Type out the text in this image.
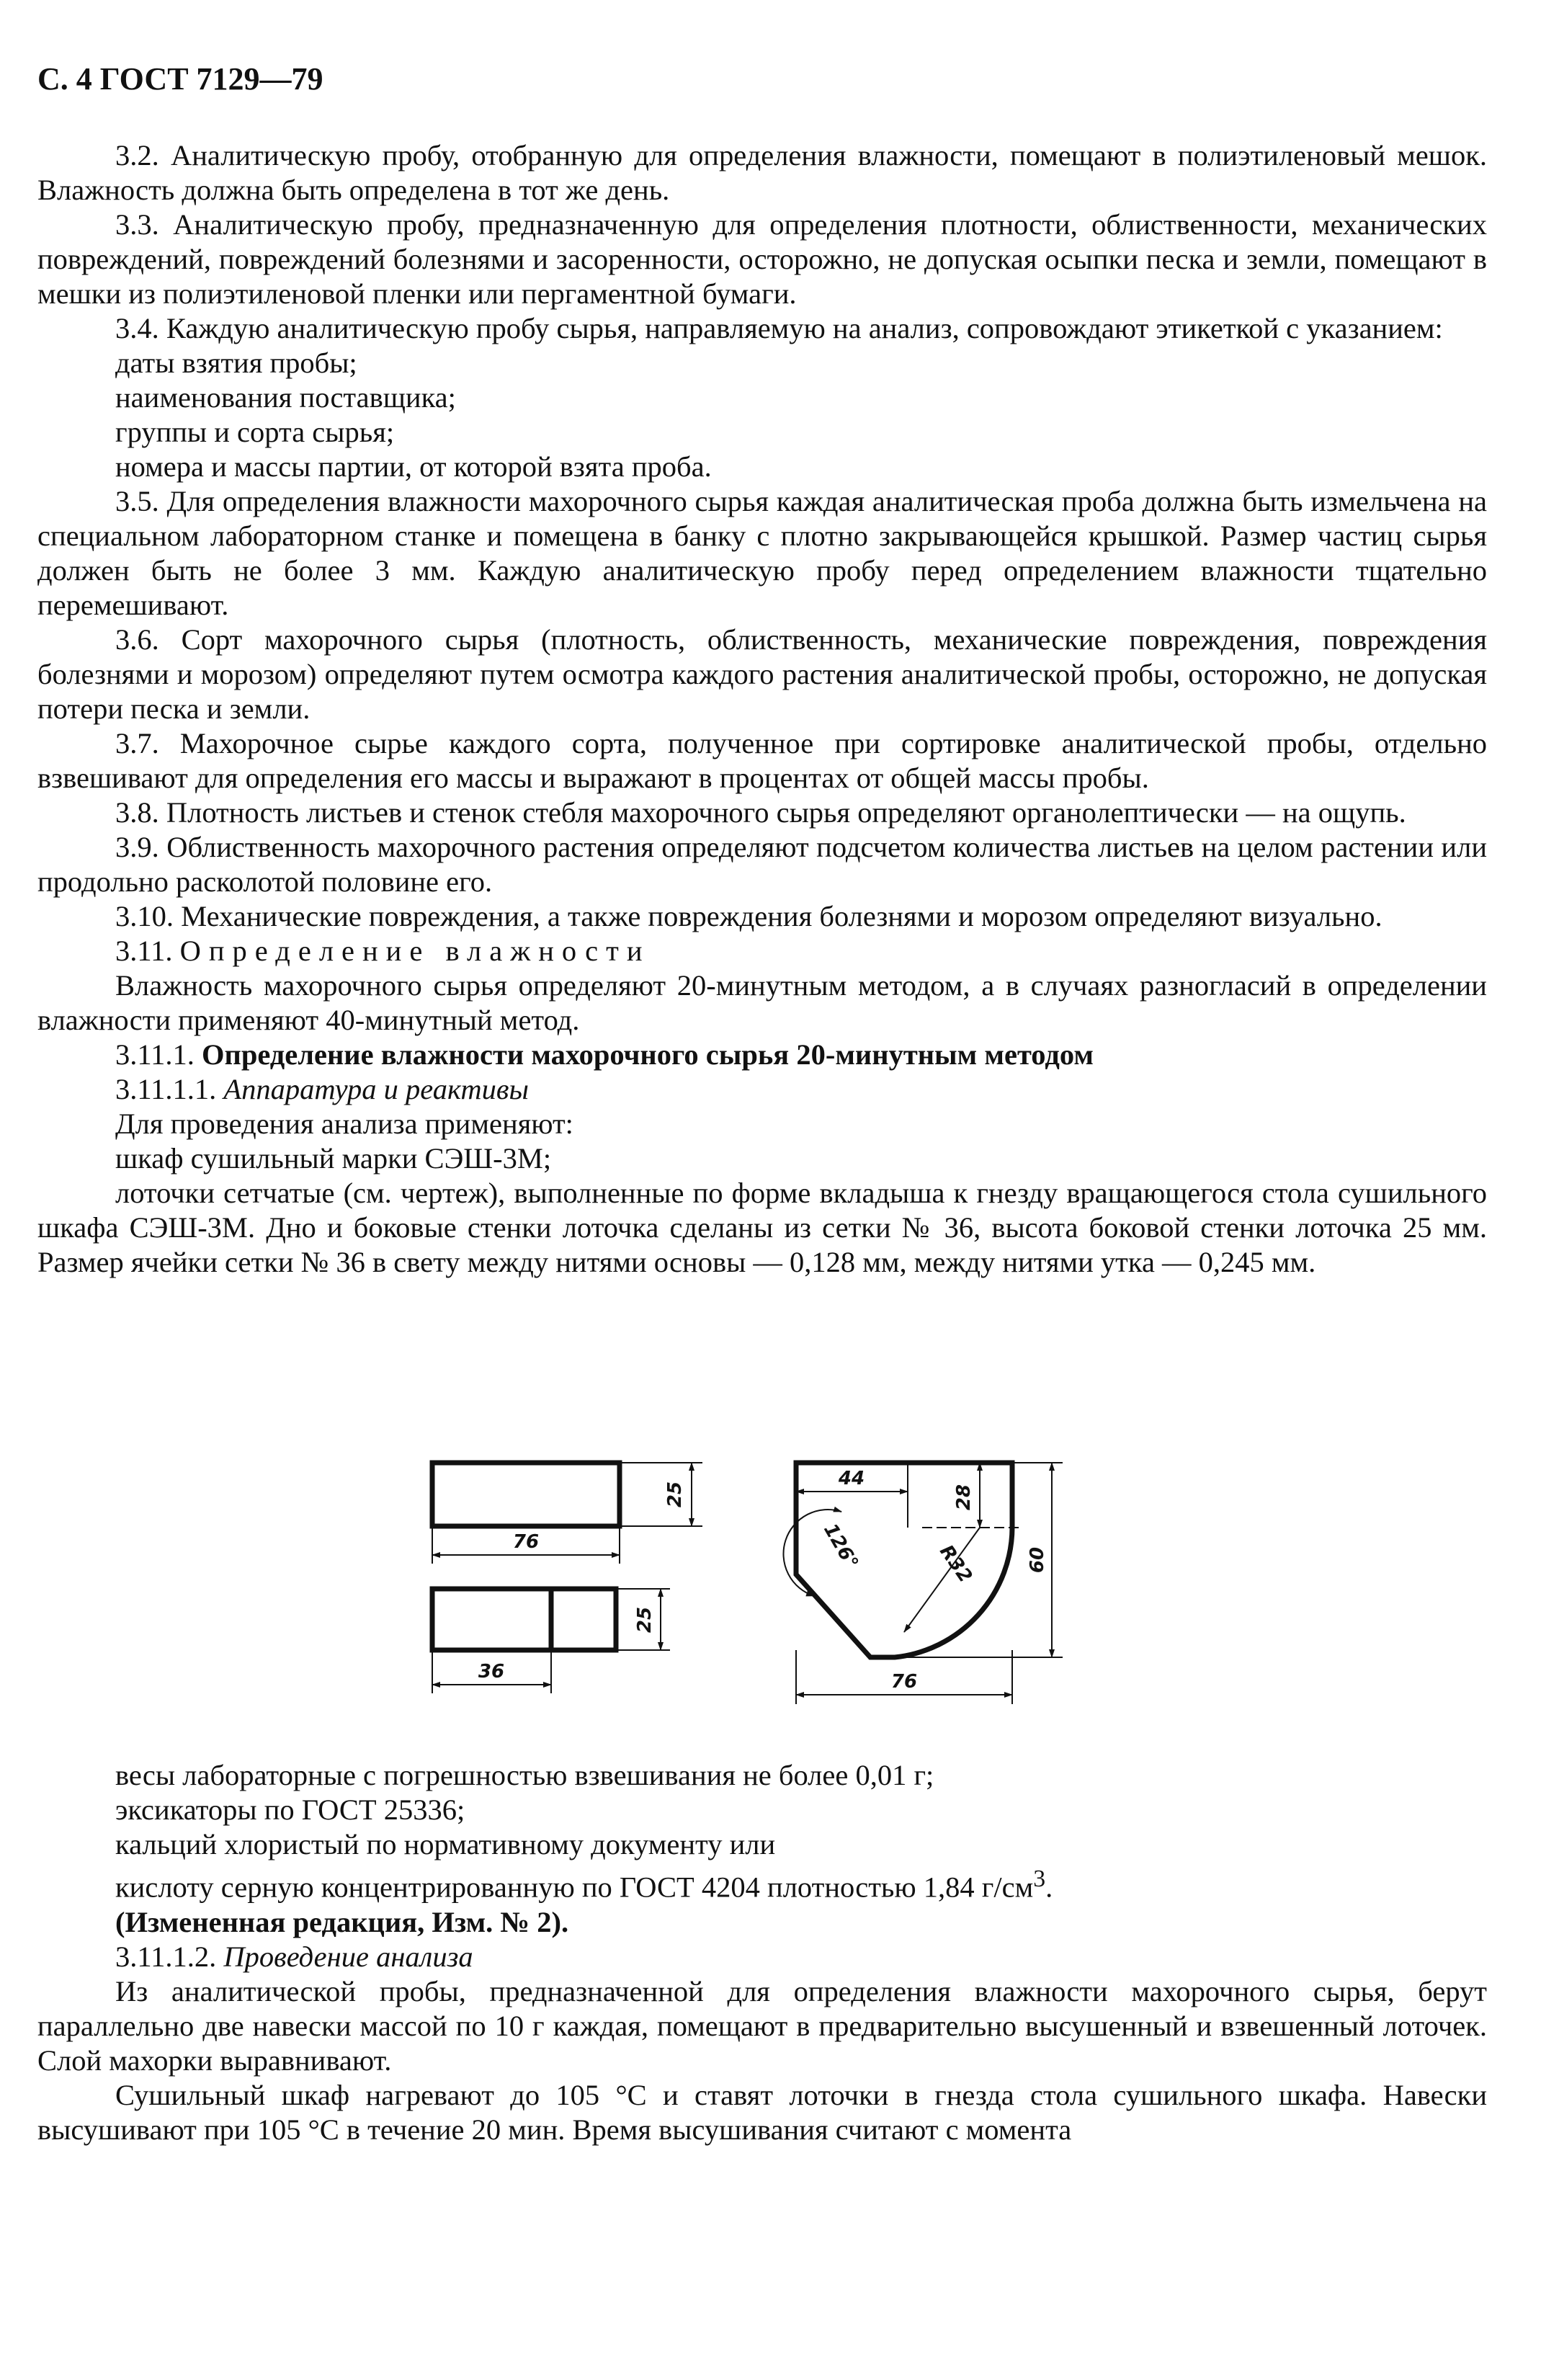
С. 4 ГОСТ 7129—79

3.2. Аналитическую пробу, отобранную для определения влажности, помещают в полиэтиленовый мешок. Влажность должна быть определена в тот же день.

3.3. Аналитическую пробу, предназначенную для определения плотности, облиственности, механических повреждений, повреждений болезнями и засоренности, осторожно, не допуская осыпки песка и земли, помещают в мешки из полиэтиленовой пленки или пергаментной бумаги.

3.4. Каждую аналитическую пробу сырья, направляемую на анализ, сопровождают этикеткой с указанием:

даты взятия пробы;

наименования поставщика;

группы и сорта сырья;

номера и массы партии, от которой взята проба.

3.5. Для определения влажности махорочного сырья каждая аналитическая проба должна быть измельчена на специальном лабораторном станке и помещена в банку с плотно закрывающейся крышкой. Размер частиц сырья должен быть не более 3 мм. Каждую аналитическую пробу перед определением влажности тщательно перемешивают.

3.6. Сорт махорочного сырья (плотность, облиственность, механические повреждения, повреждения болезнями и морозом) определяют путем осмотра каждого растения аналитической пробы, осторожно, не допуская потери песка и земли.

3.7. Махорочное сырье каждого сорта, полученное при сортировке аналитической пробы, отдельно взвешивают для определения его массы и выражают в процентах от общей массы пробы.

3.8. Плотность листьев и стенок стебля махорочного сырья определяют органолептически — на ощупь.

3.9. Облиственность махорочного растения определяют подсчетом количества листьев на целом растении или продольно расколотой половине его.

3.10. Механические повреждения, а также повреждения болезнями и морозом определяют визуально.

3.11. Определение влажности

Влажность махорочного сырья определяют 20-минутным методом, а в случаях разногласий в определении влажности применяют 40-минутный метод.

3.11.1. Определение влажности махорочного сырья 20-минутным методом

3.11.1.1. Аппаратура и реактивы

Для проведения анализа применяют:

шкаф сушильный марки СЭШ-3М;

лоточки сетчатые (см. чертеж), выполненные по форме вкладыша к гнезду вращающегося стола сушильного шкафа СЭШ-3М. Дно и боковые стенки лоточка сделаны из сетки № 36, высота боковой стенки лоточка 25 мм. Размер ячейки сетки № 36 в свету между нитями основы — 0,128 мм, между нитями утка — 0,245 мм.

76
25
25
36
44
28
60
126°	R32
76

весы лабораторные с погрешностью взвешивания не более 0,01 г;

эксикаторы по ГОСТ 25336;

кальций хлористый по нормативному документу или

кислоту серную концентрированную по ГОСТ 4204 плотностью 1,84 $г/см^3$.

(Измененная редакция, Изм. № 2).

3.11.1.2. Проведение анализа

Из аналитической пробы, предназначенной для определения влажности махорочного сырья, берут параллельно две навески массой по 10 г каждая, помещают в предварительно высушенный и взвешенный лоточек. Слой махорки выравнивают.

Сушильный шкаф нагревают до 105 °С и ставят лоточки в гнезда стола сушильного шкафа. Навески высушивают при 105 °С в течение 20 мин. Время высушивания считают с момента
